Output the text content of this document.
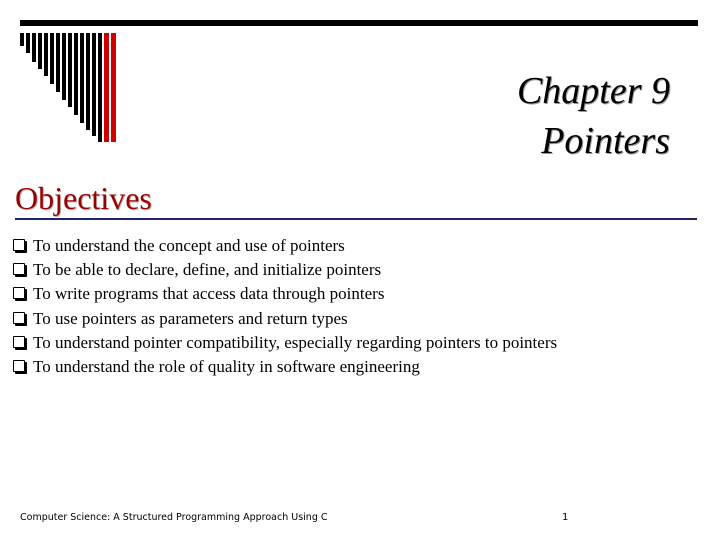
Chapter 9
Pointers
Objectives
To understand the concept and use of pointers
To be able to declare, define, and initialize pointers
To write programs that access data through pointers
To use pointers as parameters and return types
To understand pointer compatibility, especially regarding pointers to pointers
To understand the role of quality in software engineering
Computer Science: A Structured Programming Approach Using C	1
